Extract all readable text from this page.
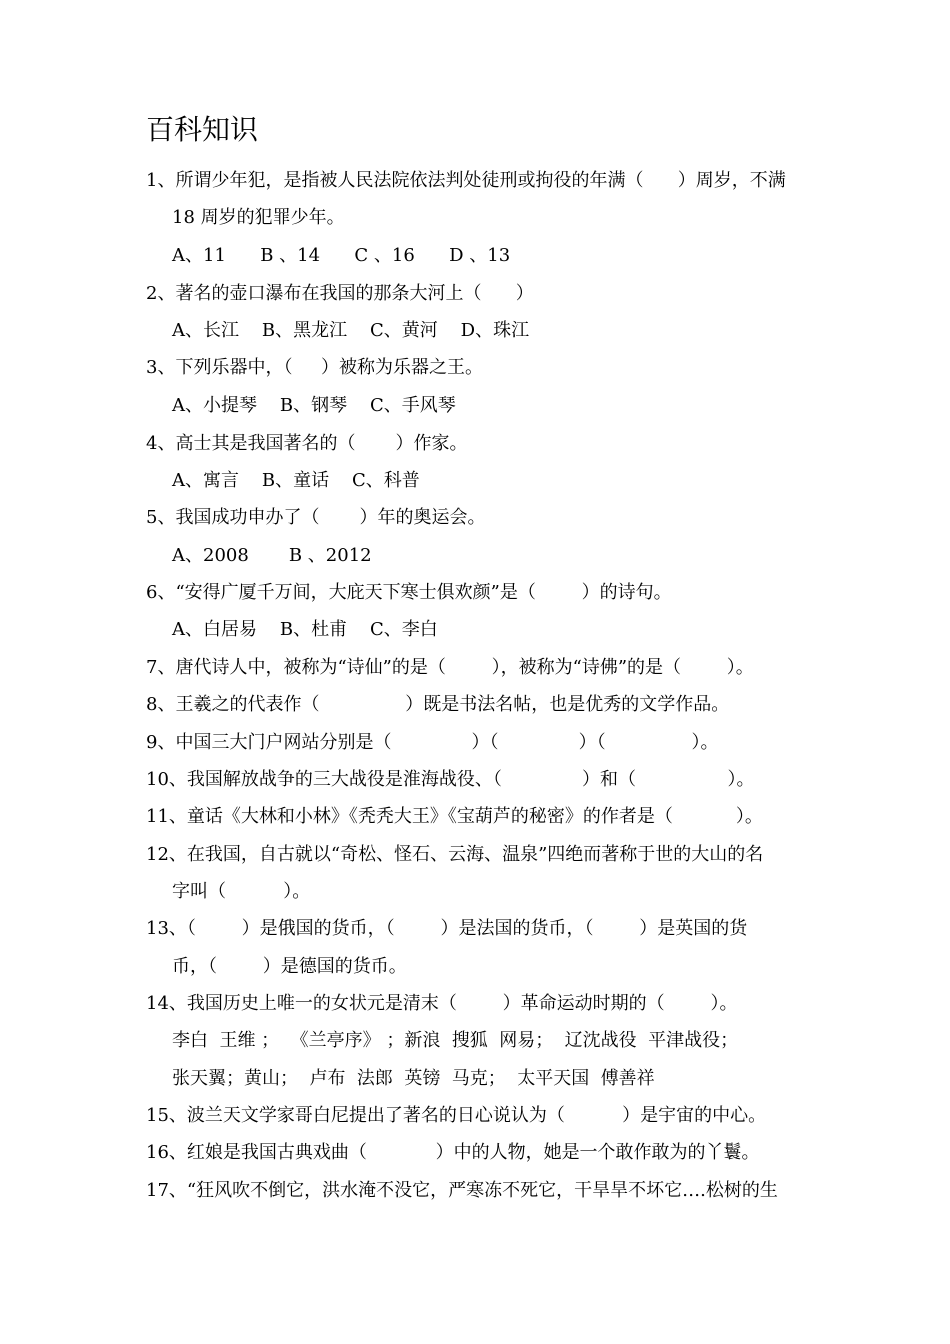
百科知识
1、所谓少年犯，是指被人民法院依法判处徒刑或拘役的年满（      ）周岁，不满
18 周岁的犯罪少年。
A、11      B 、14      C 、16      D 、13
2、著名的壶口瀑布在我国的那条大河上（      ）
A、长江    B、黑龙江    C、黄河    D、珠江
3、下列乐器中，（     ）被称为乐器之王。
A、小提琴    B、钢琴    C、手风琴
4、高士其是我国著名的（       ）作家。
A、寓言    B、童话    C、科普
5、我国成功申办了（       ）年的奥运会。
A、2008       B 、2012
6、“安得广厦千万间，大庇天下寒士俱欢颜”是（        ）的诗句。
A、白居易    B、杜甫    C、李白
7、唐代诗人中，被称为“诗仙”的是（        ），被称为“诗佛”的是（        ）。
8、王羲之的代表作（               ）既是书法名帖，也是优秀的文学作品。
9、中国三大门户网站分别是（              ）（              ）（               ）。
10、我国解放战争的三大战役是淮海战役、（              ）和（                ）。
11、童话《大林和小林》《秃秃大王》《宝葫芦的秘密》的作者是（           ）。
12、在我国，自古就以“奇松、怪石、云海、温泉”四绝而著称于世的大山的名
字叫（          ）。
13、（        ）是俄国的货币，（        ）是法国的货币，（        ）是英国的货
币，（        ）是德国的货币。
14、我国历史上唯一的女状元是清末（        ）革命运动时期的（        ）。
李白  王维 ；  《兰亭序》 ；新浪  搜狐  网易；  辽沈战役  平津战役；
张天翼；黄山；  卢布  法郎  英镑  马克；  太平天国  傅善祥
15、波兰天文学家哥白尼提出了著名的日心说认为（          ）是宇宙的中心。
16、红娘是我国古典戏曲（            ）中的人物，她是一个敢作敢为的丫鬟。
17、“狂风吹不倒它，洪水淹不没它，严寒冻不死它，干旱旱不坏它….松树的生
